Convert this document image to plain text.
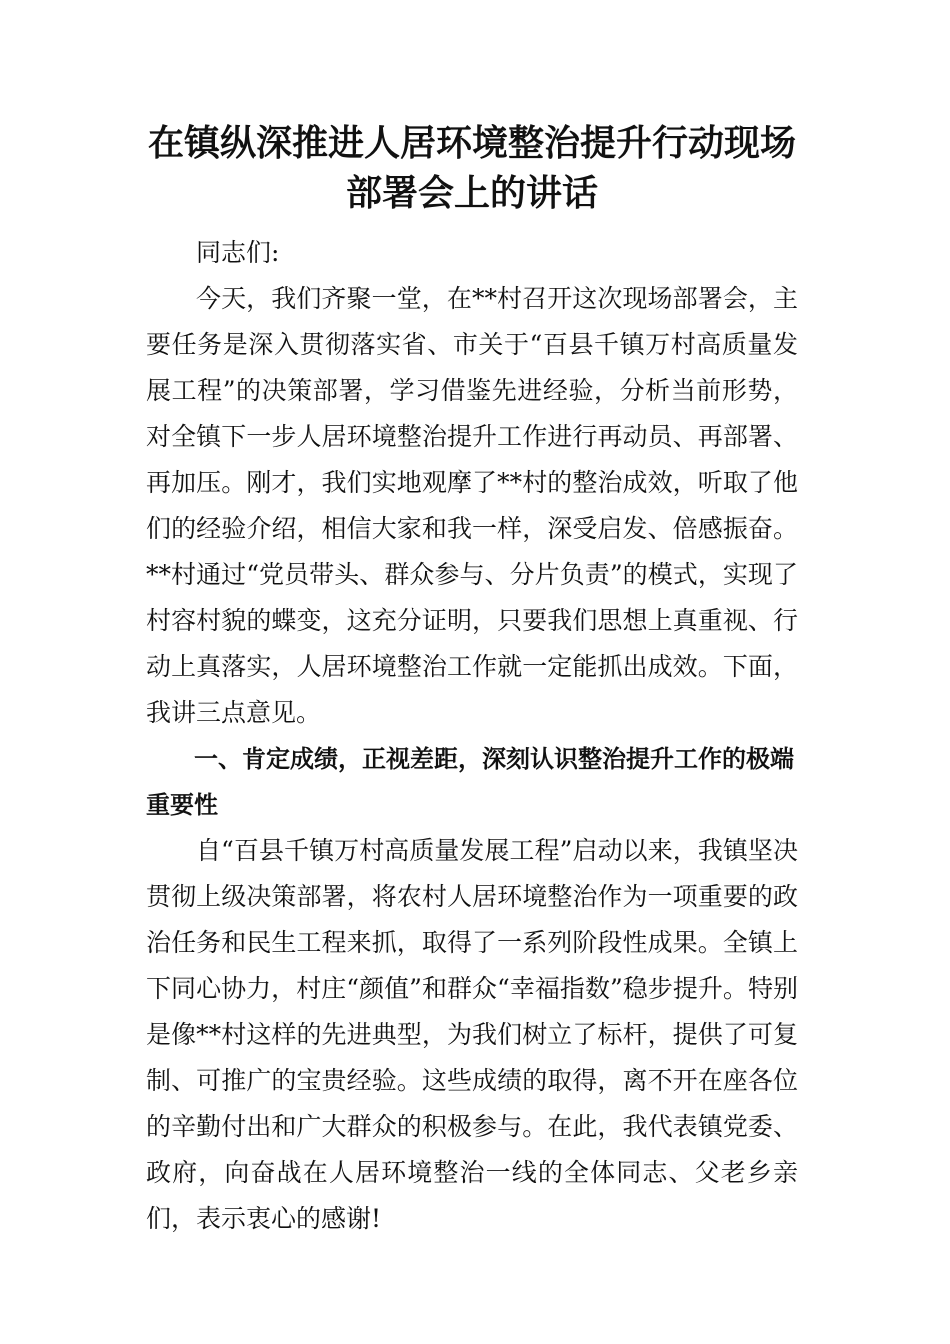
在镇纵深推进人居环境整治提升行动现场
部署会上的讲话

同志们:

今天，我们齐聚一堂，在**村召开这次现场部署会，主要任务是深入贯彻落实省、市关于“百县千镇万村高质量发展工程”的决策部署，学习借鉴先进经验，分析当前形势，对全镇下一步人居环境整治提升工作进行再动员、再部署、再加压。刚才，我们实地观摩了**村的整治成效，听取了他们的经验介绍，相信大家和我一样，深受启发、倍感振奋。**村通过“党员带头、群众参与、分片负责”的模式，实现了村容村貌的蝶变，这充分证明，只要我们思想上真重视、行动上真落实，人居环境整治工作就一定能抓出成效。下面，我讲三点意见。

一、肯定成绩，正视差距，深刻认识整治提升工作的极端重要性

自“百县千镇万村高质量发展工程”启动以来，我镇坚决贯彻上级决策部署，将农村人居环境整治作为一项重要的政治任务和民生工程来抓，取得了一系列阶段性成果。全镇上下同心协力，村庄“颜值”和群众“幸福指数”稳步提升。特别是像**村这样的先进典型，为我们树立了标杆，提供了可复制、可推广的宝贵经验。这些成绩的取得，离不开在座各位的辛勤付出和广大群众的积极参与。在此，我代表镇党委、政府，向奋战在人居环境整治一线的全体同志、父老乡亲们，表示衷心的感谢!
